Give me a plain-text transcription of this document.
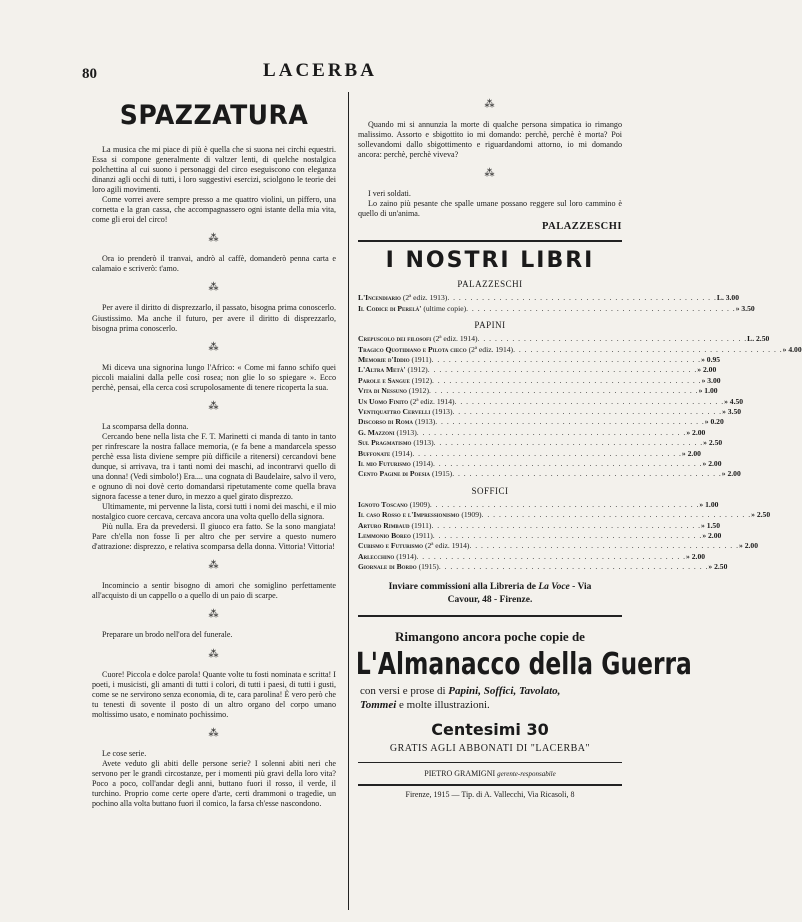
80	LACERBA
SPAZZATURA

La musica che mi piace di più è quella che si suona nei circhi equestri. Essa si compone generalmente di valtzer lenti, di quelche nostalgica polchettina al cui suono i personaggi del circo eseguiscono con eleganza dinanzi agli occhi di tutti, i loro suggestivi esercizi, sciolgono le teorie dei loro agili movimenti.

Come vorrei avere sempre presso a me quattro violini, un piffero, una cornetta e la gran cassa, che accompagnassero ogni istante della mia vita, come gli eroi del circo!

⁂

Ora io prenderò il tranvai, andrò al caffè, domanderò penna carta e calamaio e scriverò: t'amo.

⁂

Per avere il diritto di disprezzarlo, il passato, bisogna prima conoscerlo. Giustissimo. Ma anche il futuro, per avere il diritto di disprezzarlo, bisogna prima conoscerlo.

⁂

Mi diceva una signorina lungo l'Africo: « Come mi fanno schifo quei piccoli maialini dalla pelle così rosea; non glie lo so spiegare ». Ecco perchè, pensai, ella cerca così scrupolosamente di tenere ricoperta la sua.

⁂

La scomparsa della donna.

Cercando bene nella lista che F. T. Marinetti ci manda di tanto in tanto per rinfrescare la nostra fallace memoria, (e fa bene a mandarcela spesso perchè essa lista diviene sempre più difficile a ritenersi) cercandovi bene dunque, si arrivava, tra i tanti nomi dei maschi, ad incontrarvi quello di una donna! (Vedi simbolo!) Era.... una cognata di Baudelaire, salvo il vero, e ognuno di noi dovè certo domandarsi ripetutamente come quella brava signora facesse a tener duro, in mezzo a quel girato disprezzo.

Ultimamente, mi pervenne la lista, corsi tutti i nomi dei maschi, e il mio nostalgico cuore cercava, cercava ancora una volta quello della signora.

Più nulla. Era da prevedersi. Il giuoco era fatto. Se la sono mangiata! Pare ch'ella non fosse lì per altro che per servire a questo numero d'attrazione: disprezzo, e relativa scomparsa della donna. Vittoria! Vittoria!

⁂

Incomincio a sentir bisogno di amori che somiglino perfettamente all'acquisto di un cappello o a quello di un paio di scarpe.

⁂

Preparare un brodo nell'ora del funerale.

⁂

Cuore! Piccola e dolce parola! Quante volte tu fosti nominata e scritta! I poeti, i musicisti, gli amanti di tutti i colori, di tutti i paesi, di tutti i gusti, come se ne servirono senza economia, di te, cara parolina! È vero però che tu tenesti di sovente il posto di un altro organo del corpo umano moltissimo usato, e nominato pochissimo.

⁂

Le cose serie.

Avete veduto gli abiti delle persone serie? I solenni abiti neri che servono per le grandi circostanze, per i momenti più gravi della loro vita? Poco a poco, coll'andar degli anni, buttano fuori il rosso, il verde, il turchino. Proprio come certe opere d'arte, certi drammoni o tragedie, un pochino alla volta buttano fuori il comico, la farsa ch'esse nascondono.

⁂

Quando mi si annunzia la morte di qualche persona simpatica io rimango malissimo. Assorto e sbigottito io mi domando: perchè, perchè è morta? Poi sollevandomi dallo sbigottimento e riguardandomi attorno, io mi domando ancora: perchè, perchè viveva?

⁂

I veri soldati.

Lo zaino più pesante che spalle umane possano reggere sul loro cammino è quello di un'anima.

PALAZZESCHI
I NOSTRI LIBRI
PALAZZESCHI
L'Incendiario (2ª ediz. 1913) . . .	L. 3.00
Il Codice di Perelà' (ultime copie) . . .	» 3.50
PAPINI
Crepuscolo dei filosofi (2ª ediz. 1914) . . .	L. 2.50
Tragico Quotidiano e Pilota cieco (2ª ediz. 1914) . . .	» 4.00
Memorie d'Iddio (1911) . . .	» 0.95
L'Altra Metà' (1912) . . .	» 2.00
Parole e Sangue (1912) . . .	» 3.00
Vita di Nessuno (1912) . . .	» 1.00
Un Uomo Finito (2ª ediz. 1914) . . .	» 4.50
Ventiquattro Cervelli (1913) . . .	» 3.50
Discorso di Roma (1913) . . .	» 0.20
G. Mazzoni (1913) . . .	» 2.00
Sul Pragmatismo (1913) . . .	» 2.50
Buffonate (1914) . . .	» 2.00
Il mio Futurismo (1914) . . .	» 2.00
Cento Pagine di Poesia (1915) . . .	» 2.00
SOFFICI
Ignoto Toscano (1909) . . .	» 1.00
Il caso Rosso e l'Impressionismo (1909) . . .	» 2.50
Arturo Rimbaud (1911) . . .	» 1.50
Lemmonio Boreo (1911) . . .	» 2.00
Cubismo e Futurismo (2ª ediz. 1914) . . .	» 2.00
Arlecchino (1914) . . .	» 2.00
Giornale di Bordo (1915) . . .	» 2.50
Inviare commissioni alla Libreria de La Voce - Via
Cavour, 48 - Firenze.
Rimangono ancora poche copie de
L'Almanacco della Guerra
con versi e prose di Papini, Soffici, Tavolato,
Tommei e molte illustrazioni.
Centesimi 30
GRATIS AGLI ABBONATI DI "LACERBA"
PIETRO GRAMIGNI gerente-responsabile
Firenze, 1915 — Tip. di A. Vallecchi, Via Ricasoli, 8
